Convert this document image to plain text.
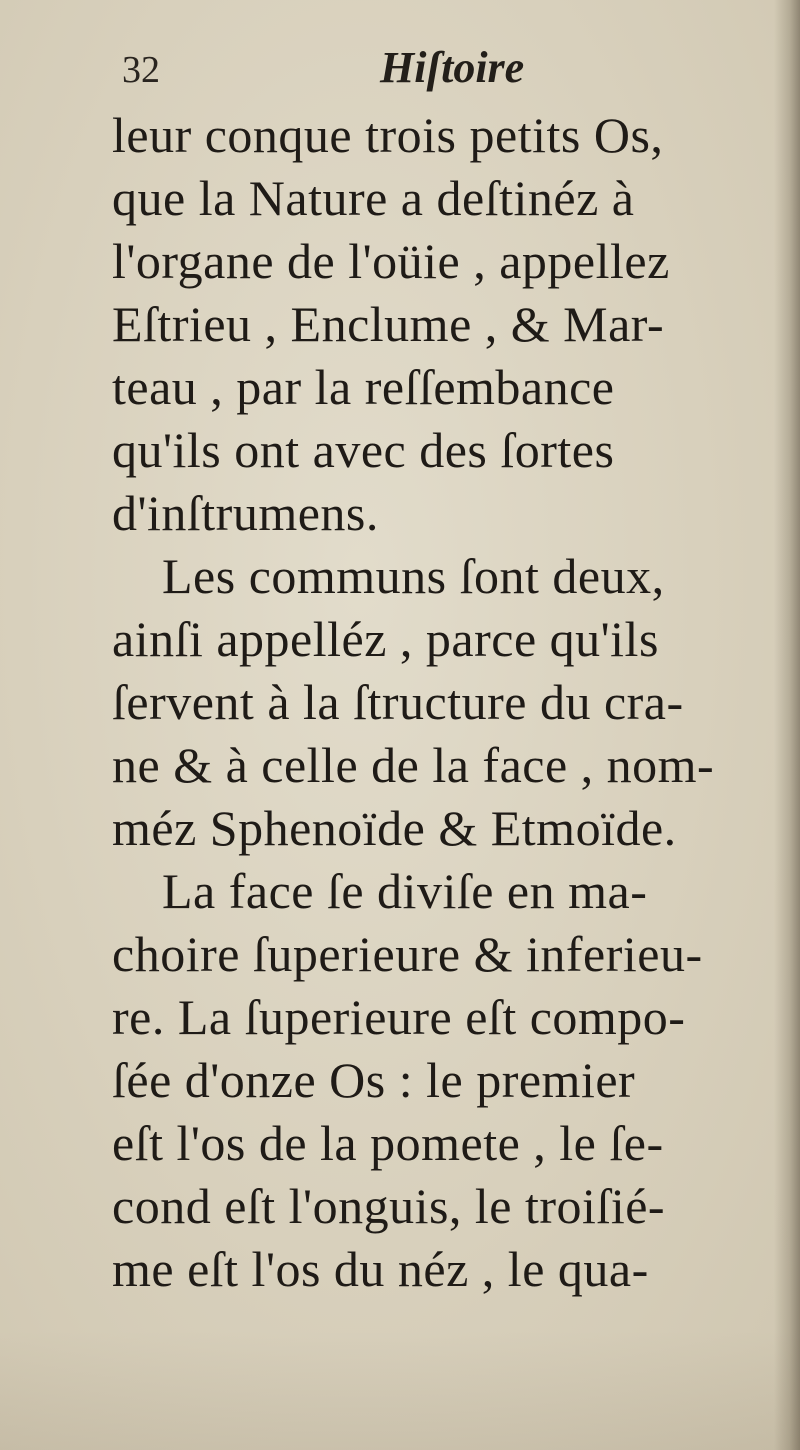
32	Hiſtoire
leur conque trois petits Os,
que la Nature a deſtinéz à
l'organe de l'oüie , appellez
Eſtrieu , Enclume , & Mar-
teau , par la reſſembance
qu'ils ont avec des ſortes
d'inſtrumens.
Les communs ſont deux,
ainſi appelléz , parce qu'ils
ſervent à la ſtructure du cra-
ne & à celle de la face , nom-
méz Sphenoïde & Etmoïde.
La face ſe diviſe en ma-
choire ſuperieure & inferieu-
re. La ſuperieure eſt compo-
ſée d'onze Os : le premier
eſt l'os de la pomete , le ſe-
cond eſt l'onguis, le troiſié-
me eſt l'os du néz , le qua-
